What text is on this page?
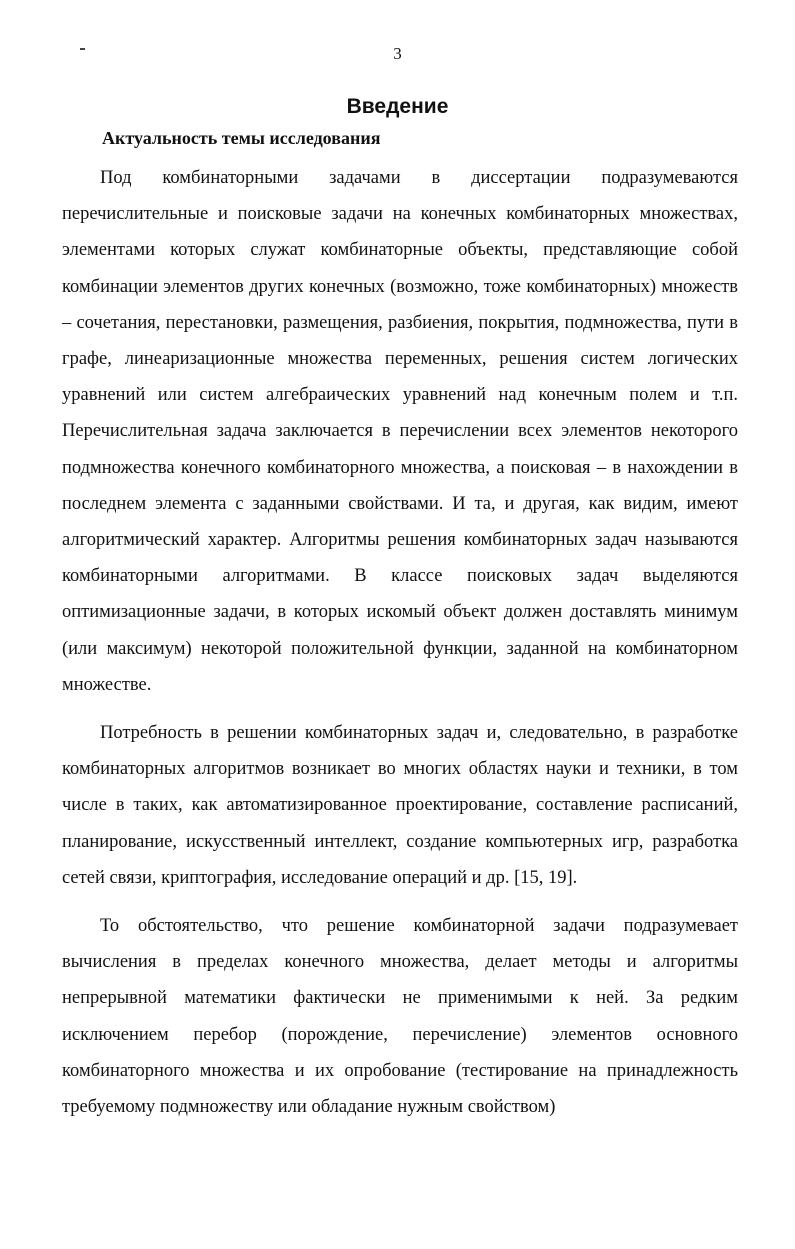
3
Введение
Актуальность темы исследования

Под комбинаторными задачами в диссертации подразумеваются перечислительные и поисковые задачи на конечных комбинаторных множествах, элементами которых служат комбинаторные объекты, представляющие собой комбинации элементов других конечных (возможно, тоже комбинаторных) множеств – сочетания, перестановки, размещения, разбиения, покрытия, подмножества, пути в графе, линеаризационные множества переменных, решения систем логических уравнений или систем алгебраических уравнений над конечным полем и т.п. Перечислительная задача заключается в перечислении всех элементов некоторого подмножества конечного комбинаторного множества, а поисковая – в нахождении в последнем элемента с заданными свойствами. И та, и другая, как видим, имеют алгоритмический характер. Алгоритмы решения комбинаторных задач называются комбинаторными алгоритмами. В классе поисковых задач выделяются оптимизационные задачи, в которых искомый объект должен доставлять минимум (или максимум) некоторой положительной функции, заданной на комбинаторном множестве.

Потребность в решении комбинаторных задач и, следовательно, в разработке комбинаторных алгоритмов возникает во многих областях науки и техники, в том числе в таких, как автоматизированное проектирование, составление расписаний, планирование, искусственный интеллект, создание компьютерных игр, разработка сетей связи, криптография, исследование операций и др. [15, 19].

То обстоятельство, что решение комбинаторной задачи подразумевает вычисления в пределах конечного множества, делает методы и алгоритмы непрерывной математики фактически не применимыми к ней. За редким исключением перебор (порождение, перечисление) элементов основного комбинаторного множества и их опробование (тестирование на принадлежность требуемому подмножеству или обладание нужным свойством)
